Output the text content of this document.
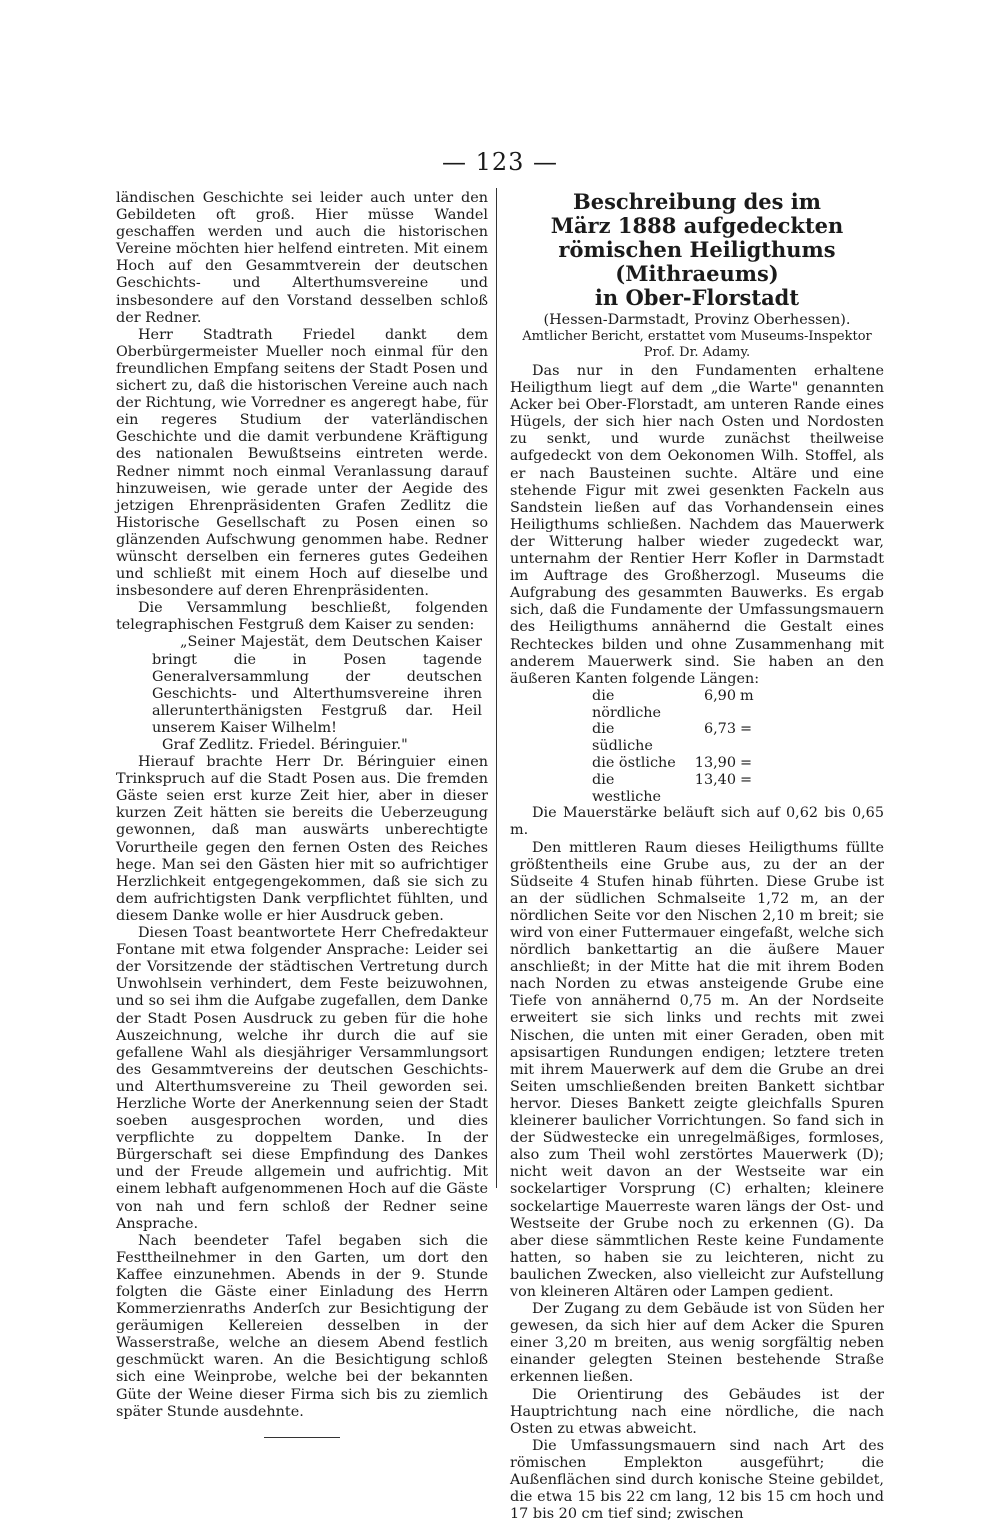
— 123 —

ländischen Geschichte sei leider auch unter den Gebildeten oft groß. Hier müsse Wandel geschaffen werden und auch die historischen Vereine möchten hier helfend eintreten. Mit einem Hoch auf den Gesammtverein der deutschen Geschichts- und Alterthumsvereine und insbesondere auf den Vorstand desselben schloß der Redner.

Herr Stadtrath Friedel dankt dem Oberbürgermeister Mueller noch einmal für den freundlichen Empfang seitens der Stadt Posen und sichert zu, daß die historischen Vereine auch nach der Richtung, wie Vorredner es angeregt habe, für ein regeres Studium der vaterländischen Geschichte und die damit verbundene Kräftigung des nationalen Bewußtseins eintreten werde. Redner nimmt noch einmal Veranlassung darauf hinzuweisen, wie gerade unter der Aegide des jetzigen Ehrenpräsidenten Grafen Zedlitz die Historische Gesellschaft zu Posen einen so glänzenden Aufschwung genommen habe. Redner wünscht derselben ein ferneres gutes Gedeihen und schließt mit einem Hoch auf dieselbe und insbesondere auf deren Ehrenpräsidenten.

Die Versammlung beschließt, folgenden telegraphischen Festgruß dem Kaiser zu senden:

„Seiner Majestät, dem Deutschen Kaiser bringt die in Posen tagende Generalversammlung der deutschen Geschichts- und Alterthumsvereine ihren allerunterthänigsten Festgruß dar. Heil unserem Kaiser Wilhelm!

Graf Zedlitz. Friedel. Béringuier."

Hierauf brachte Herr Dr. Béringuier einen Trinkspruch auf die Stadt Posen aus. Die fremden Gäste seien erst kurze Zeit hier, aber in dieser kurzen Zeit hätten sie bereits die Ueberzeugung gewonnen, daß man auswärts unberechtigte Vorurtheile gegen den fernen Osten des Reiches hege. Man sei den Gästen hier mit so aufrichtiger Herzlichkeit entgegengekommen, daß sie sich zu dem aufrichtigsten Dank verpflichtet fühlten, und diesem Danke wolle er hier Ausdruck geben.

Diesen Toast beantwortete Herr Chefredakteur Fontane mit etwa folgender Ansprache: Leider sei der Vorsitzende der städtischen Vertretung durch Unwohlsein verhindert, dem Feste beizuwohnen, und so sei ihm die Aufgabe zugefallen, dem Danke der Stadt Posen Ausdruck zu geben für die hohe Auszeichnung, welche ihr durch die auf sie gefallene Wahl als diesjähriger Versammlungsort des Gesammtvereins der deutschen Geschichts- und Alterthumsvereine zu Theil geworden sei. Herzliche Worte der Anerkennung seien der Stadt soeben ausgesprochen worden, und dies verpflichte zu doppeltem Danke. In der Bürgerschaft sei diese Empfindung des Dankes und der Freude allgemein und aufrichtig. Mit einem lebhaft aufgenommenen Hoch auf die Gäste von nah und fern schloß der Redner seine Ansprache.

Nach beendeter Tafel begaben sich die Festtheilnehmer in den Garten, um dort den Kaffee einzunehmen. Abends in der 9. Stunde folgten die Gäste einer Einladung des Herrn Kommerzienraths Anderſch zur Besichtigung der geräumigen Kellereien desselben in der Wasserstraße, welche an diesem Abend festlich geschmückt waren. An die Besichtigung schloß sich eine Weinprobe, welche bei der bekannten Güte der Weine dieser Firma sich bis zu ziemlich später Stunde ausdehnte.

Beschreibung des im
März 1888 aufgedeckten
römischen Heiligthums (Mithraeums)
in Ober-Florstadt
(Hessen-Darmstadt, Provinz Oberhessen).
Amtlicher Bericht, erstattet vom Museums-Inspektor
Prof. Dr. Adamy.

Das nur in den Fundamenten erhaltene Heiligthum liegt auf dem „die Warte" genannten Acker bei Ober-Florstadt, am unteren Rande eines Hügels, der sich hier nach Osten und Nordosten zu senkt, und wurde zunächst theilweise aufgedeckt von dem Oekonomen Wilh. Stoffel, als er nach Bausteinen suchte. Altäre und eine stehende Figur mit zwei gesenkten Fackeln aus Sandstein ließen auf das Vorhandensein eines Heiligthums schließen. Nachdem das Mauerwerk der Witterung halber wieder zugedeckt war, unternahm der Rentier Herr Kofler in Darmstadt im Auftrage des Großherzogl. Museums die Aufgrabung des gesammten Bauwerks. Es ergab sich, daß die Fundamente der Umfassungsmauern des Heiligthums annähernd die Gestalt eines Rechteckes bilden und ohne Zusammenhang mit anderem Mauerwerk sind. Sie haben an den äußeren Kanten folgende Längen:

die nördliche
6,90 m
die südliche
6,73 =
die östliche	13,90 =
die westliche
13,40 =

Die Mauerstärke beläuft sich auf 0,62 bis 0,65 m.

Den mittleren Raum dieses Heiligthums füllte größtentheils eine Grube aus, zu der an der Südseite 4 Stufen hinab führten. Diese Grube ist an der südlichen Schmalseite 1,72 m, an der nördlichen Seite vor den Nischen 2,10 m breit; sie wird von einer Futtermauer eingefaßt, welche sich nördlich bankettartig an die äußere Mauer anschließt; in der Mitte hat die mit ihrem Boden nach Norden zu etwas ansteigende Grube eine Tiefe von annähernd 0,75 m. An der Nordseite erweitert sie sich links und rechts mit zwei Nischen, die unten mit einer Geraden, oben mit apsisartigen Rundungen endigen; letztere treten mit ihrem Mauerwerk auf dem die Grube an drei Seiten umschließenden breiten Bankett sichtbar hervor. Dieses Bankett zeigte gleichfalls Spuren kleinerer baulicher Vorrichtungen. So fand sich in der Südwestecke ein unregelmäßiges, formloses, also zum Theil wohl zerstörtes Mauerwerk (D); nicht weit davon an der Westseite war ein sockelartiger Vorsprung (C) erhalten; kleinere sockelartige Mauerreste waren längs der Ost- und Westseite der Grube noch zu erkennen (G). Da aber diese sämmtlichen Reste keine Fundamente hatten, so haben sie zu leichteren, nicht zu baulichen Zwecken, also vielleicht zur Aufstellung von kleineren Altären oder Lampen gedient.

Der Zugang zu dem Gebäude ist von Süden her gewesen, da sich hier auf dem Acker die Spuren einer 3,20 m breiten, aus wenig sorgfältig neben einander gelegten Steinen bestehende Straße erkennen ließen.

Die Orientirung des Gebäudes ist der Hauptrichtung nach eine nördliche, die nach Osten zu etwas abweicht.

Die Umfassungsmauern sind nach Art des römischen Emplekton ausgeführt; die Außenflächen sind durch konische Steine gebildet, die etwa 15 bis 22 cm lang, 12 bis 15 cm hoch und 17 bis 20 cm tief sind; zwischen
